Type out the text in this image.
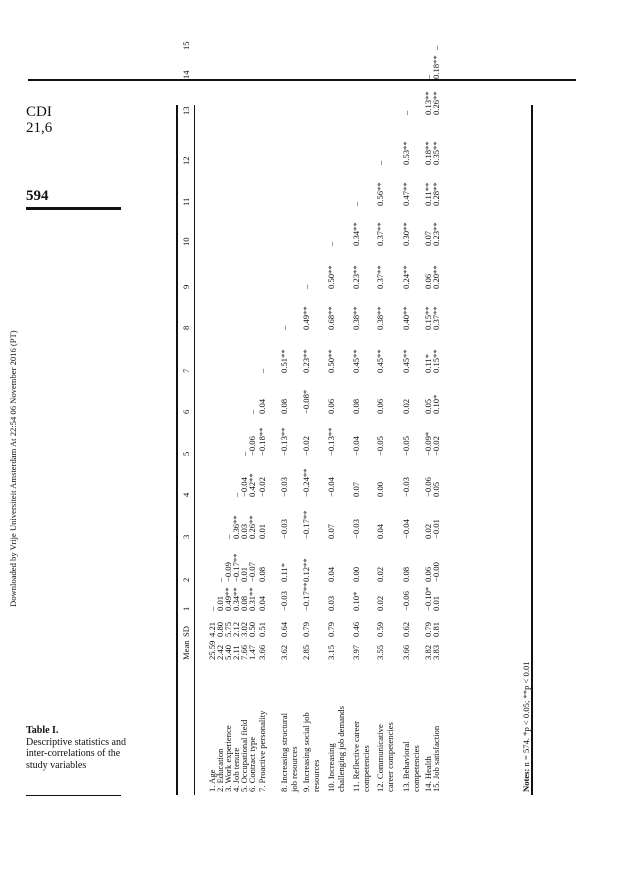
CDI
21,6
594
Table I.
Descriptive statistics and inter-correlations of the study variables
Downloaded by Vrije Universiteit Amsterdam At 22:54 06 November 2016 (PT)
Notes: n = 574. *p < 0.05; **p < 0.01
Mean
SD
1
2
3
4
5
6
7
8
9
10
11
12
13
14
15
1. Age
25.59
4.21
–
2. Education
2.42
0.80
0.01
–
3. Work experience
5.40
5.75
0.49**
−0.09
–
4. Job tenure
2.11
2.12
0.34**
−0.17**
0.36**
–
5. Occupational field
7.66
3.02
0.08
0.01
0.03
−0.04
–
6. Contract type
1.47
0.50
0.31**
−0.07
0.26**
0.42**
−0.06
–
7. Proactive personality
3.66
0.51
0.04
0.08
0.01
−0.02
−0.18**
0.04
–
8. Increasing structural job resources
3.62
0.64
−0.03
0.11*
−0.03
−0.03
−0.13**
0.08
0.51**
–
9. Increasing social job resources
2.85
0.79
−0.17**
0.12**
−0.17**
−0.24**
−0.02
−0.08*
0.23**
0.49**
–
10. Increasing challenging job demands
3.15
0.79
0.03
0.04
0.07
−0.04
−0.13**
0.06
0.50**
0.68**
0.50**
–
11. Reflective career competencies
3.97
0.46
0.10*
0.00
−0.03
0.07
−0.04
0.08
0.45**
0.38**
0.23**
0.34**
–
12. Communicative career competencies
3.55
0.59
0.02
0.02
0.04
0.00
−0.05
0.06
0.45**
0.38**
0.37**
0.37**
0.56**
–
13. Behavioral competencies
3.66
0.62
−0.06
0.08
−0.04
−0.03
−0.05
0.02
0.45**
0.40**
0.24**
0.30**
0.47**
0.53**
–
14. Health
3.82
0.79
−0.10*
0.06
0.02
−0.06
−0.09*
0.05
0.11*
0.15**
0.06
0.07
0.11**
0.18**
0.13**
–
15. Job satisfaction
3.83
0.81
0.01
−0.00
−0.01
0.05
−0.02
0.10*
0.15**
0.37**
0.20**
0.23**
0.28**
0.35**
0.26**
0.18**
–
